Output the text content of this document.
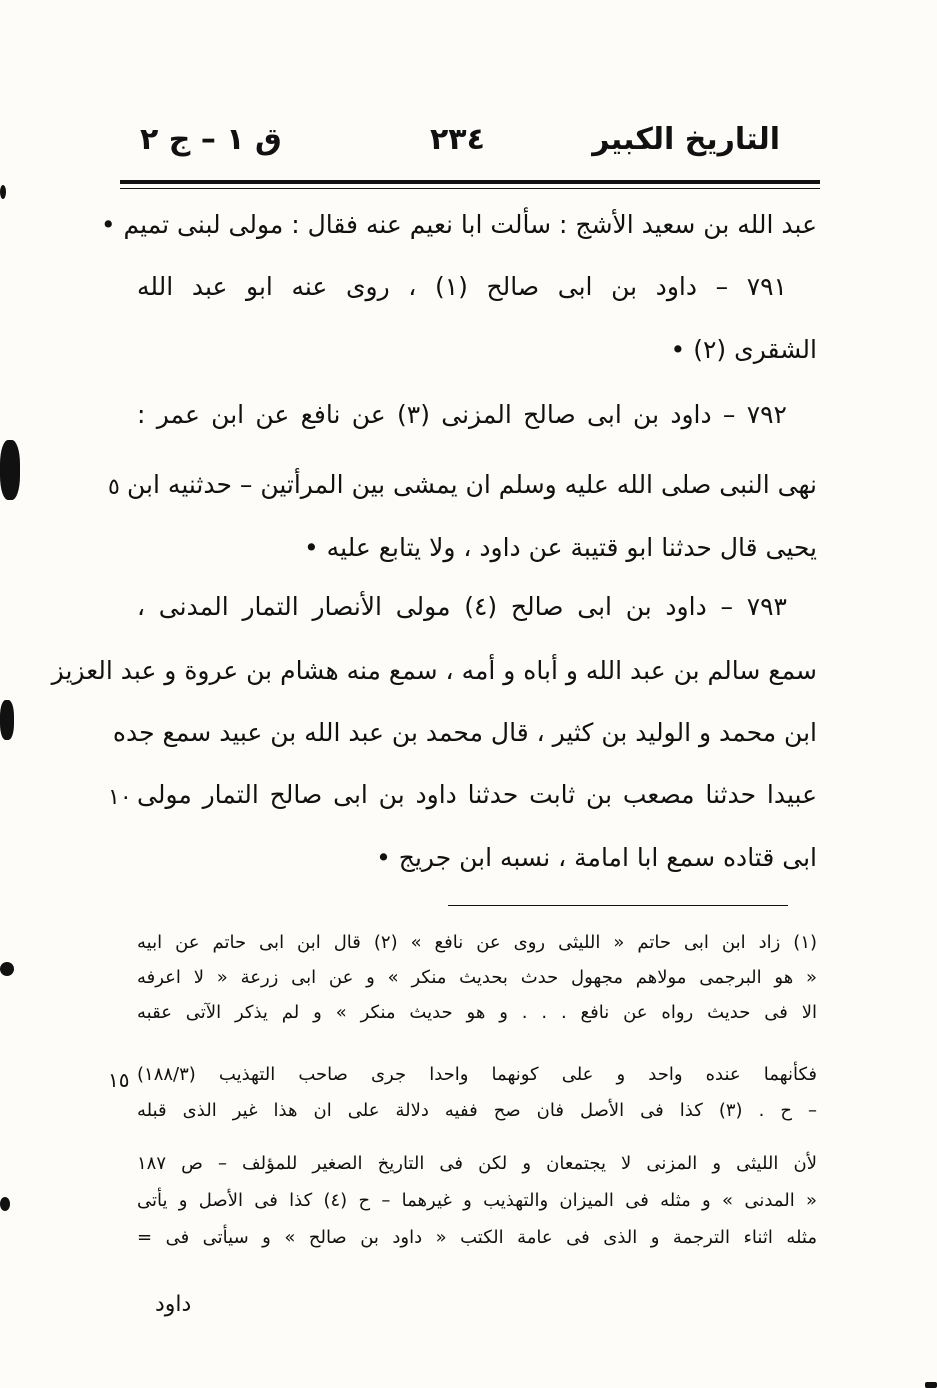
التاريخ الكبير
٢٣٤
ق ١ – ج ٢
عبد الله بن سعيد الأشج : سألت ابا نعيم عنه فقال : مولى لبنى تميم •
٧٩١ – داود بن ابى صالح (١) ، روى عنه ابو عبد الله
الشقرى (٢) •
٧٩٢ – داود بن ابى صالح المزنى (٣) عن نافع عن ابن عمر :
نهى النبى صلى الله عليه وسلم ان يمشى بين المرأتين – حدثنيه ابن
٥
يحيى قال حدثنا ابو قتيبة عن داود ، ولا يتابع عليه •
٧٩٣ – داود بن ابى صالح (٤) مولى الأنصار التمار المدنى ،
سمع سالم بن عبد الله و أباه و أمه ، سمع منه هشام بن عروة و عبد العزيز
ابن محمد و الوليد بن كثير ، قال محمد بن عبد الله بن عبيد سمع جده
عبيدا حدثنا مصعب بن ثابت حدثنا داود بن ابى صالح التمار مولى
١٠
ابى قتاده سمع ابا امامة ، نسبه ابن جريج •
(١) زاد ابن ابى حاتم « الليثى روى عن نافع » (٢) قال ابن ابى حاتم عن ابيه
« هو البرجمى مولاهم مجهول حدث بحديث منكر » و عن ابى زرعة « لا اعرفه
الا فى حديث رواه عن نافع . . . و هو حديث منكر » و لم يذكر الآتى عقبه
فكأنهما عنده واحد و على كونهما واحدا جرى صاحب التهذيب (١٨٨/٣)
١٥
– ح . (٣) كذا فى الأصل فان صح ففيه دلالة على ان هذا غير الذى قبله
لأن الليثى و المزنى لا يجتمعان و لكن فى التاريخ الصغير للمؤلف – ص ١٨٧
« المدنى » و مثله فى الميزان والتهذيب و غيرهما – ح (٤) كذا فى الأصل و يأتى
مثله اثناء الترجمة و الذى فى عامة الكتب « داود بن صالح » و سيأتى فى =
داود
